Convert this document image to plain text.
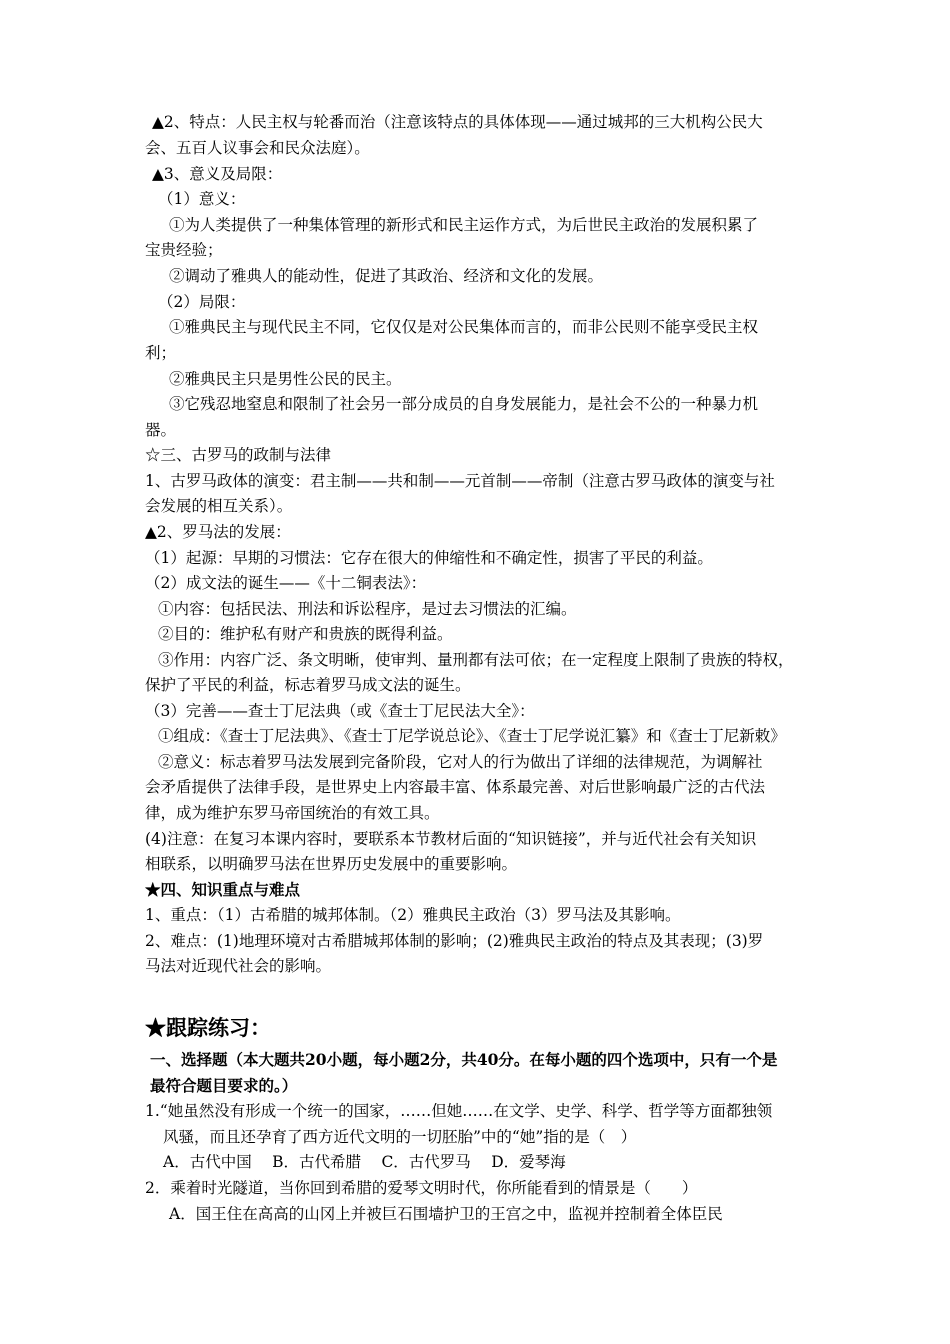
▲2、特点：人民主权与轮番而治（注意该特点的具体体现——通过城邦的三大机构公民大
会、五百人议事会和民众法庭）。
▲3、意义及局限：
（1）意义：
①为人类提供了一种集体管理的新形式和民主运作方式，为后世民主政治的发展积累了
宝贵经验；
②调动了雅典人的能动性，促进了其政治、经济和文化的发展。
（2）局限：
①雅典民主与现代民主不同，它仅仅是对公民集体而言的，而非公民则不能享受民主权
利；
②雅典民主只是男性公民的民主。
③它残忍地窒息和限制了社会另一部分成员的自身发展能力，是社会不公的一种暴力机
器。
☆三、古罗马的政制与法律
1、古罗马政体的演变：君主制——共和制——元首制——帝制（注意古罗马政体的演变与社
会发展的相互关系）。
▲2、罗马法的发展：
（1）起源：早期的习惯法：它存在很大的伸缩性和不确定性，损害了平民的利益。
（2）成文法的诞生——《十二铜表法》：
①内容：包括民法、刑法和诉讼程序，是过去习惯法的汇编。
②目的：维护私有财产和贵族的既得利益。
③作用：内容广泛、条文明晰，使审判、量刑都有法可依；在一定程度上限制了贵族的特权，
保护了平民的利益，标志着罗马成文法的诞生。
（3）完善——查士丁尼法典（或《查士丁尼民法大全》：
①组成：《查士丁尼法典》、《查士丁尼学说总论》、《查士丁尼学说汇纂》和《查士丁尼新敕》
②意义：标志着罗马法发展到完备阶段，它对人的行为做出了详细的法律规范，为调解社
会矛盾提供了法律手段，是世界史上内容最丰富、体系最完善、对后世影响最广泛的古代法
律，成为维护东罗马帝国统治的有效工具。
(4)注意：在复习本课内容时，要联系本节教材后面的“知识链接”，并与近代社会有关知识
相联系，以明确罗马法在世界历史发展中的重要影响。
★四、知识重点与难点
1、重点：（1）古希腊的城邦体制。（2）雅典民主政治（3）罗马法及其影响。
2、难点：(1)地理环境对古希腊城邦体制的影响；(2)雅典民主政治的特点及其表现；(3)罗
马法对近现代社会的影响。
★跟踪练习：
一、选择题（本大题共20小题，每小题2分，共40分。在每小题的四个选项中，只有一个是
最符合题目要求的。）
1.“她虽然没有形成一个统一的国家，……但她……在文学、史学、科学、哲学等方面都独领
风骚，而且还孕育了西方近代文明的一切胚胎”中的“她”指的是（　）
A．古代中国　 B．古代希腊　 C．古代罗马　 D．爱琴海
2．乘着时光隧道，当你回到希腊的爱琴文明时代，你所能看到的情景是（　　）
A．国王住在高高的山冈上并被巨石围墙护卫的王宫之中，监视并控制着全体臣民
